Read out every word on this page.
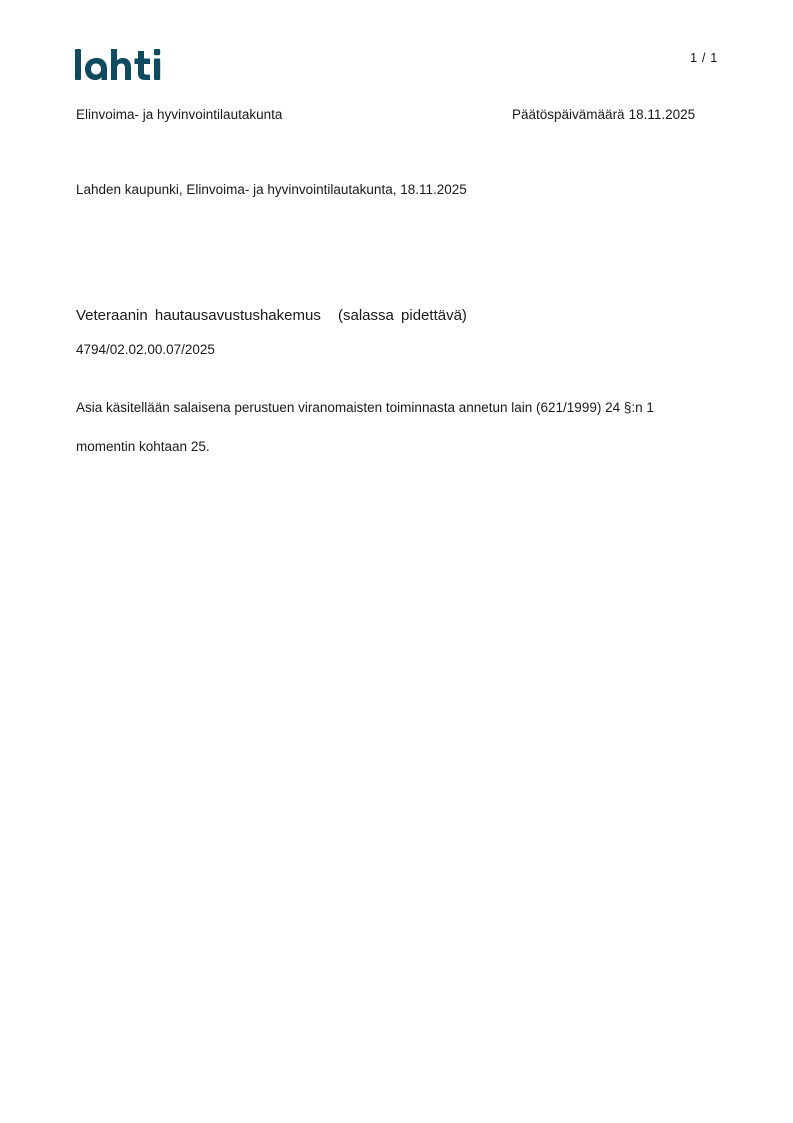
1 / 1
Elinvoima- ja hyvinvointilautakunta	Päätöspäivämäärä 18.11.2025
Lahden kaupunki, Elinvoima- ja hyvinvointilautakunta, 18.11.2025
Veteraanin hautausavustushakemus (salassa pidettävä)
4794/02.02.00.07/2025
Asia käsitellään salaisena perustuen viranomaisten toiminnasta annetun lain (621/1999) 24 §:n 1
momentin kohtaan 25.
